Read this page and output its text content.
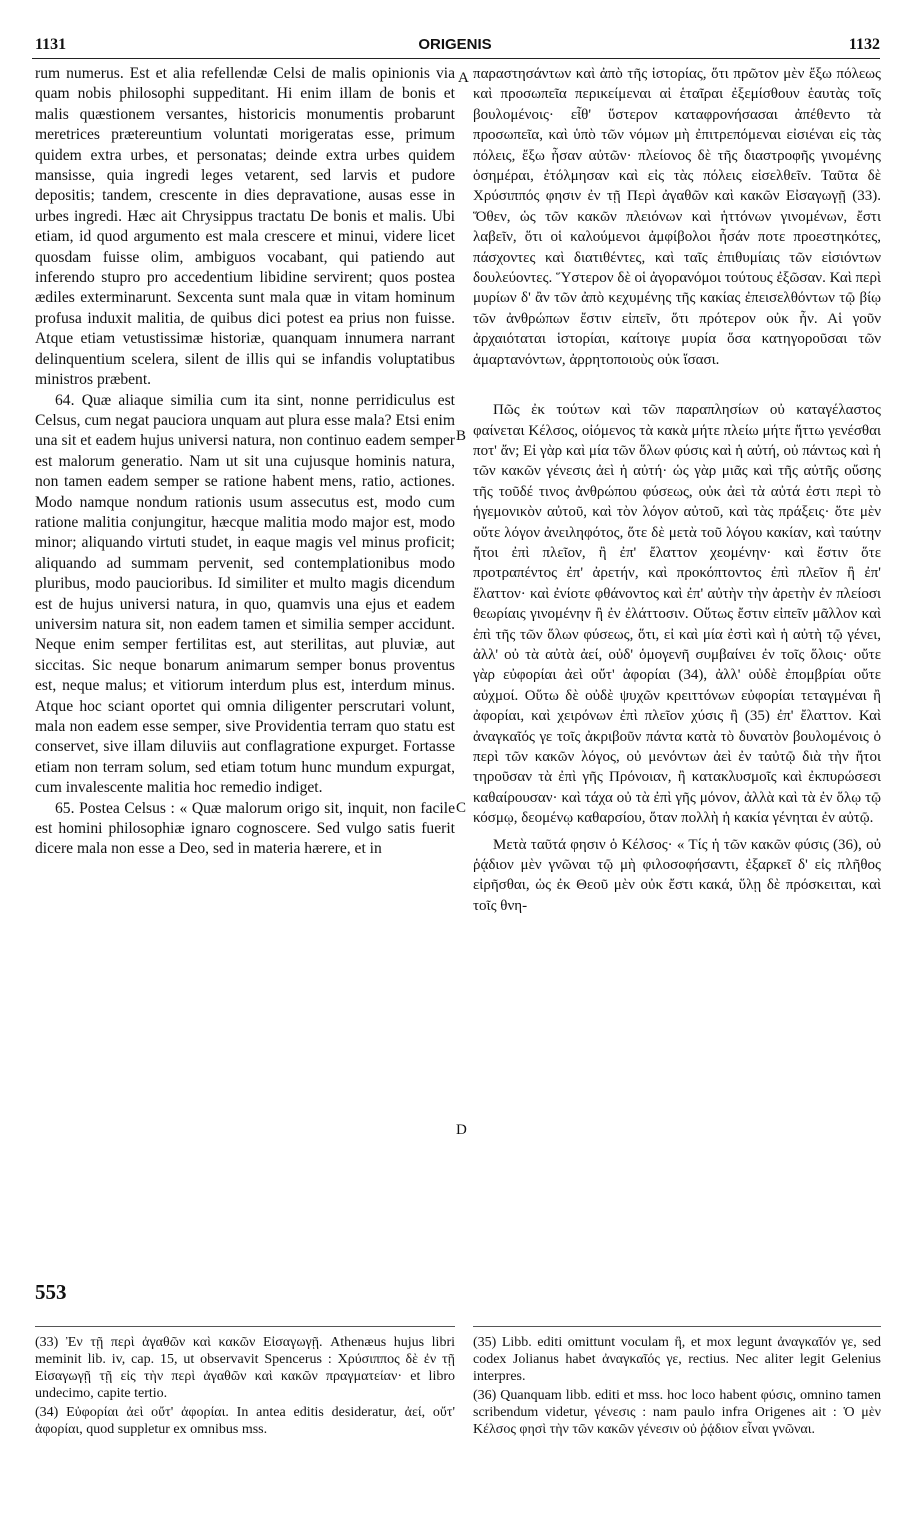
1131	ORIGENIS	1132

rum numerus. Est et alia refellendæ Celsi de malis opinionis via quam nobis philosophi suppeditant. Hi enim illam de bonis et malis quæstionem versantes, historicis monumentis probarunt meretrices prætereuntium voluntati morigeratas esse, primum quidem extra urbes, et personatas; deinde extra urbes quidem mansisse, quia ingredi leges vetarent, sed larvis et pudore depositis; tandem, crescente in dies depravatione, ausas esse in urbes ingredi. Hæc ait Chrysippus tractatu De bonis et malis. Ubi etiam, id quod argumento est mala crescere et minui, videre licet quosdam fuisse olim, ambiguos vocabant, qui patiendo aut inferendo stupro pro accedentium libidine servirent; quos postea ædiles exterminarunt. Sexcenta sunt mala quæ in vitam hominum profusa induxit malitia, de quibus dici potest ea prius non fuisse. Atque etiam vetustissimæ historiæ, quanquam innumera narrant delinquentium scelera, silent de illis qui se infandis voluptatibus ministros præbent.

64. Quæ aliaque similia cum ita sint, nonne perridiculus est Celsus, cum negat pauciora unquam aut plura esse mala? Etsi enim una sit et eadem hujus universi natura, non continuo eadem semper est malorum generatio. Nam ut sit una cujusque hominis natura, non tamen eadem semper se ratione habent mens, ratio, actiones. Modo namque nondum rationis usum assecutus est, modo cum ratione malitia conjungitur, hæcque malitia modo major est, modo minor; aliquando virtuti studet, in eaque magis vel minus proficit; aliquando ad summam pervenit, sed contemplationibus modo pluribus, modo paucioribus. Id similiter et multo magis dicendum est de hujus universi natura, in quo, quamvis una ejus et eadem universim natura sit, non eadem tamen et similia semper accidunt. Neque enim semper fertilitas est, aut sterilitas, aut pluviæ, aut siccitas. Sic neque bonarum animarum semper bonus proventus est, neque malus; et vitiorum interdum plus est, interdum minus. Atque hoc sciant oportet qui omnia diligenter perscrutari volunt, mala non eadem esse semper, sive Providentia terram quo statu est conservet, sive illam diluviis aut conflagratione expurget. Fortasse etiam non terram solum, sed etiam totum hunc mundum expurgat, cum invalescente malitia hoc remedio indiget.

65. Postea Celsus : « Quæ malorum origo sit, inquit, non facile est homini philosophiæ ignaro cognoscere. Sed vulgo satis fuerit dicere mala non esse a Deo, sed in materia hærere, et in

553
A
B
C
D

παραστησάντων καὶ ἀπὸ τῆς ἱστορίας, ὅτι πρῶτον μὲν ἔξω πόλεως καὶ προσωπεῖα περικείμεναι αἱ ἑταῖραι ἐξεμίσθουν ἑαυτὰς τοῖς βουλομένοις· εἶθ' ὕστερον καταφρονήσασαι ἀπέθεντο τὰ προσωπεῖα, καὶ ὑπὸ τῶν νόμων μὴ ἐπιτρεπόμεναι εἰσιέναι εἰς τὰς πόλεις, ἔξω ἦσαν αὐτῶν· πλείονος δὲ τῆς διαστροφῆς γινομένης ὁσημέραι, ἐτόλμησαν καὶ εἰς τὰς πόλεις εἰσελθεῖν. Ταῦτα δὲ Χρύσιππός φησιν ἐν τῇ Περὶ ἀγαθῶν καὶ κακῶν Εἰσαγωγῇ (33). Ὅθεν, ὡς τῶν κακῶν πλειόνων καὶ ἡττόνων γινομένων, ἔστι λαβεῖν, ὅτι οἱ καλούμενοι ἀμφίβολοι ἦσάν ποτε προεστηκότες, πάσχοντες καὶ διατιθέντες, καὶ ταῖς ἐπιθυμίαις τῶν εἰσιόντων δουλεύοντες. Ὕστερον δὲ οἱ ἀγορανόμοι τούτους ἐξῶσαν. Καὶ περὶ μυρίων δ' ἂν τῶν ἀπὸ κεχυμένης τῆς κακίας ἐπεισελθόντων τῷ βίῳ τῶν ἀνθρώπων ἔστιν εἰπεῖν, ὅτι πρότερον οὐκ ἦν. Αἱ γοῦν ἀρχαιόταται ἱστορίαι, καίτοιγε μυρία ὅσα κατηγοροῦσαι τῶν ἁμαρτανόντων, ἀρρητοποιοὺς οὐκ ἴσασι.

Πῶς ἐκ τούτων καὶ τῶν παραπλησίων οὐ καταγέλαστος φαίνεται Κέλσος, οἰόμενος τὰ κακὰ μήτε πλείω μήτε ἥττω γενέσθαι ποτ' ἄν; Εἰ γὰρ καὶ μία τῶν ὅλων φύσις καὶ ἡ αὐτή, οὐ πάντως καὶ ἡ τῶν κακῶν γένεσις ἀεὶ ἡ αὐτή· ὡς γὰρ μιᾶς καὶ τῆς αὐτῆς οὔσης τῆς τοῦδέ τινος ἀνθρώπου φύσεως, οὐκ ἀεὶ τὰ αὐτά ἐστι περὶ τὸ ἡγεμονικὸν αὐτοῦ, καὶ τὸν λόγον αὐτοῦ, καὶ τὰς πράξεις· ὅτε μὲν οὔτε λόγον ἀνειληφότος, ὅτε δὲ μετὰ τοῦ λόγου κακίαν, καὶ ταύτην ἤτοι ἐπὶ πλεῖον, ἢ ἐπ' ἔλαττον χεομένην· καὶ ἔστιν ὅτε προτραπέντος ἐπ' ἀρετήν, καὶ προκόπτοντος ἐπὶ πλεῖον ἢ ἐπ' ἔλαττον· καὶ ἐνίοτε φθάνοντος καὶ ἐπ' αὐτὴν τὴν ἀρετὴν ἐν πλείοσι θεωρίαις γινομένην ἢ ἐν ἐλάττοσιν. Οὕτως ἔστιν εἰπεῖν μᾶλλον καὶ ἐπὶ τῆς τῶν ὅλων φύσεως, ὅτι, εἰ καὶ μία ἐστὶ καὶ ἡ αὐτὴ τῷ γένει, ἀλλ' οὐ τὰ αὐτὰ ἀεί, οὐδ' ὁμογενῆ συμβαίνει ἐν τοῖς ὅλοις· οὔτε γὰρ εὐφορίαι ἀεὶ οὔτ' ἀφορίαι (34), ἀλλ' οὐδὲ ἐπομβρίαι οὔτε αὐχμοί. Οὕτω δὲ οὐδὲ ψυχῶν κρειττόνων εὐφορίαι τεταγμέναι ἢ ἀφορίαι, καὶ χειρόνων ἐπὶ πλεῖον χύσις ἢ (35) ἐπ' ἔλαττον. Καὶ ἀναγκαῖός γε τοῖς ἀκριβοῦν πάντα κατὰ τὸ δυνατὸν βουλομένοις ὁ περὶ τῶν κακῶν λόγος, οὐ μενόντων ἀεὶ ἐν ταὐτῷ διὰ τὴν ἤτοι τηροῦσαν τὰ ἐπὶ γῆς Πρόνοιαν, ἢ κατακλυσμοῖς καὶ ἐκπυρώσεσι καθαίρουσαν· καὶ τάχα οὐ τὰ ἐπὶ γῆς μόνον, ἀλλὰ καὶ τὰ ἐν ὅλῳ τῷ κόσμῳ, δεομένῳ καθαρσίου, ὅταν πολλὴ ἡ κακία γένηται ἐν αὐτῷ.

Μετὰ ταῦτά φησιν ὁ Κέλσος· « Τίς ἡ τῶν κακῶν φύσις (36), οὐ ῥᾴδιον μὲν γνῶναι τῷ μὴ φιλοσοφήσαντι, ἐξαρκεῖ δ' εἰς πλῆθος εἰρῆσθαι, ὡς ἐκ Θεοῦ μὲν οὐκ ἔστι κακά, ὕλῃ δὲ πρόσκειται, καὶ τοῖς θνη-

(33) Ἐν τῇ περὶ ἀγαθῶν καὶ κακῶν Εἰσαγωγῇ. Athenæus hujus libri meminit lib. iv, cap. 15, ut observavit Spencerus : Χρύσιππος δὲ ἐν τῇ Εἰσαγωγῇ τῇ εἰς τὴν περὶ ἀγαθῶν καὶ κακῶν πραγματείαν· et libro undecimo, capite tertio.

(34) Εὐφορίαι ἀεὶ οὔτ' ἀφορίαι. In antea editis desideratur, ἀεί, οὔτ' ἀφορίαι, quod suppletur ex omnibus mss.

(35) Libb. editi omittunt voculam ἢ, et mox legunt ἀναγκαῖόν γε, sed codex Jolianus habet ἀναγκαῖός γε, rectius. Nec aliter legit Gelenius interpres.

(36) Quanquam libb. editi et mss. hoc loco habent φύσις, omnino tamen scribendum videtur, γένεσις : nam paulo infra Origenes ait : Ὁ μὲν Κέλσος φησὶ τὴν τῶν κακῶν γένεσιν οὐ ῥᾴδιον εἶναι γνῶναι.
